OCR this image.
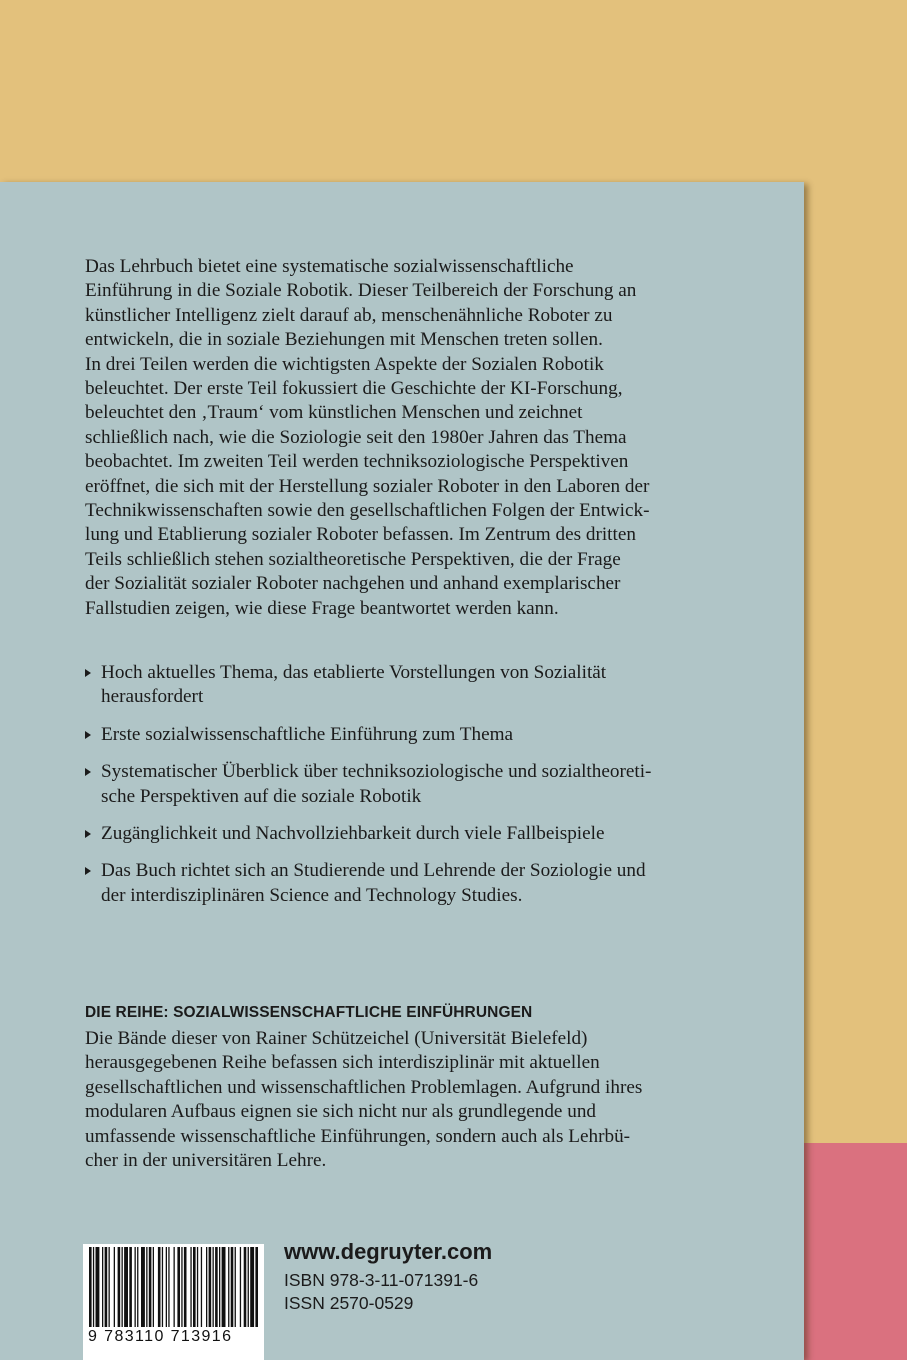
Das Lehrbuch bietet eine systematische sozialwissenschaftliche
Einführung in die Soziale Robotik. Dieser Teilbereich der Forschung an
künstlicher Intelligenz zielt darauf ab, menschenähnliche Roboter zu
entwickeln, die in soziale Beziehungen mit Menschen treten sollen.
In drei Teilen werden die wichtigsten Aspekte der Sozialen Robotik
beleuchtet. Der erste Teil fokussiert die Geschichte der KI-Forschung,
beleuchtet den ‚Traum‘ vom künstlichen Menschen und zeichnet
schließlich nach, wie die Soziologie seit den 1980er Jahren das Thema
beobachtet. Im zweiten Teil werden techniksoziologische Perspektiven
eröffnet, die sich mit der Herstellung sozialer Roboter in den Laboren der
Technikwissenschaften sowie den gesellschaftlichen Folgen der Entwick-
lung und Etablierung sozialer Roboter befassen. Im Zentrum des dritten
Teils schließlich stehen sozialtheoretische Perspektiven, die der Frage
der Sozialität sozialer Roboter nachgehen und anhand exemplarischer
Fallstudien zeigen, wie diese Frage beantwortet werden kann.

Hoch aktuelles Thema, das etablierte Vorstellungen von Sozialität
herausfordert
Erste sozialwissenschaftliche Einführung zum Thema
Systematischer Überblick über techniksoziologische und sozialtheoreti-
sche Perspektiven auf die soziale Robotik
Zugänglichkeit und Nachvollziehbarkeit durch viele Fallbeispiele
Das Buch richtet sich an Studierende und Lehrende der Soziologie und
der interdisziplinären Science and Technology Studies.

DIE REIHE: SOZIALWISSENSCHAFTLICHE EINFÜHRUNGEN

Die Bände dieser von Rainer Schützeichel (Universität Bielefeld)
herausgegebenen Reihe befassen sich interdisziplinär mit aktuellen
gesellschaftlichen und wissenschaftlichen Problemlagen. Aufgrund ihres
modularen Aufbaus eignen sie sich nicht nur als grundlegende und
umfassende wissenschaftliche Einführungen, sondern auch als Lehrbü-
cher in der universitären Lehre.

9 783110 713916

www.degruyter.com

ISBN 978-3-11-071391-6

ISSN 2570-0529
